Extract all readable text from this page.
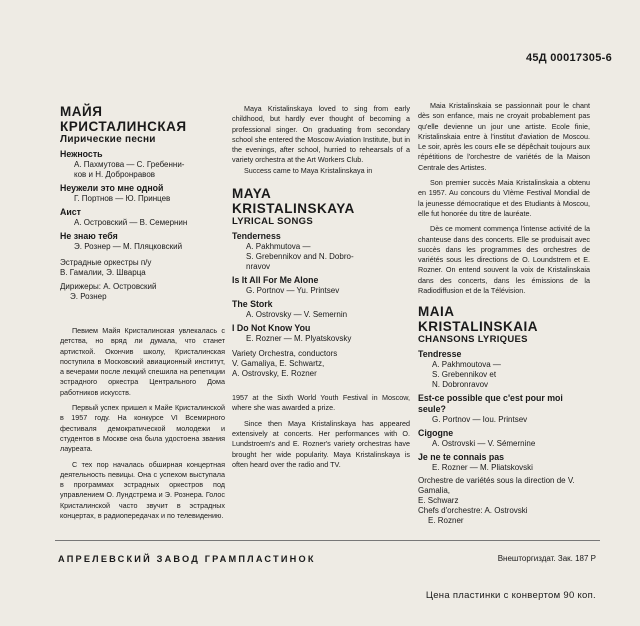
45Д 00017305-6
МАЙЯ
КРИСТАЛИНСКАЯ
Лирические песни
Нежность
А. Пахмутова — С. Гребенни-
ков и Н. Добронравов
Неужели это мне одной
Г. Портнов — Ю. Принцев
Аист
А. Островский — В. Семернин
Не знаю тебя
Э. Рознер — М. Пляцковский
Эстрадные оркестры п/у
В. Гамалии, Э. Шварца
Дирижеры: А. Островский
Э. Рознер
Певием Майя Кристалинская увлекалась с детства, но вряд ли думала, что станет артисткой. Окончив школу, Кристалинская поступила в Московский авиационный институт, а вечерами после лекций спешила на репетиции эстрадного оркестра Центрального Дома работников искусств.
Первый успех пришел к Майе Кристалинской в 1957 году. На конкурсе VI Всемирного фестиваля демократической молодежи и студентов в Москве она была удостоена звания лауреата.
С тех пор началась обширная концертная деятельность певицы. Она с успехом выступала в программах эстрадных оркестров под управлением О. Лундстрема и Э. Рознера. Голос Кристалинской часто звучит в эстрадных концертах, в радиопередачах и по телевидению.
Maya Kristalinskaya loved to sing from early childhood, but hardly ever thought of becoming a professional singer. On graduating from secondary school she entered the Moscow Aviation Institute, but in the evenings, after school, hurried to rehearsals of a variety orchestra at the Art Workers Club.
Success came to Maya Kristalinskaya in
MAYA
KRISTALINSKAYA
LYRICAL SONGS
Tenderness
A. Pakhmutova —
S. Grebennikov and N. Dobro-
nravov
Is It All For Me Alone
G. Portnov — Yu. Printsev
The Stork
A. Ostrovsky — V. Semernin
I Do Not Know You
E. Rozner — M. Plyatskovsky
Variety Orchestra, conductors
V. Gamaliya, E. Schwartz,
A. Ostrovsky, E. Rozner
1957 at the Sixth World Youth Festival in Moscow, where she was awarded a prize.
Since then Maya Kristalinskaya has appeared extensively at concerts. Her performances with O. Lundstroem's and E. Rozner's variety orchestras have brought her wide popularity. Maya Kristalinskaya is often heard over the radio and TV.
Maia Kristalinskaia se passionnait pour le chant dès son enfance, mais ne croyait probablement pas qu'elle devienne un jour une artiste. Ecole finie, Kristalinskaia entre à l'institut d'aviation de Moscou. Le soir, après les cours elle se dépêchait toujours aux répétitions de l'orchestre de variétés de la Maison Centrale des Artistes.
Son premier succès Maia Kristalinskaia a obtenu en 1957. Au concours du VIème Festival Mondial de la jeunesse démocratique et des Etudiants à Moscou, elle fut honorée du titre de lauréate.
Dès ce moment commença l'intense activité de la chanteuse dans des concerts. Elle se produisait avec succès dans les programmes des orchestres de variétés sous les directions de O. Loundstrem et E. Rozner. On entend souvent la voix de Kristalinskaia dans des concerts, dans les émissions de la Radiodiffusion et de la Télévision.
MAIA
KRISTALINSKAIA
CHANSONS LYRIQUES
Tendresse
A. Pakhmoutova —
S. Grebennikov et
N. Dobronravov
Est-ce possible que c'est pour moi seule?
G. Portnov — Iou. Printsev
Cigogne
A. Ostrovski — V. Sémernine
Je ne te connais pas
E. Rozner — M. Pliatskovski
Orchestre de variétés sous la direction de V. Gamalia,
E. Schwarz
Chefs d'orchestre: A. Ostrovski
E. Rozner
АПРЕЛЕВСКИЙ ЗАВОД ГРАМПЛАСТИНОК	Внешторгиздат. Зак. 187 Р
Цена пластинки с конвертом 90 коп.
